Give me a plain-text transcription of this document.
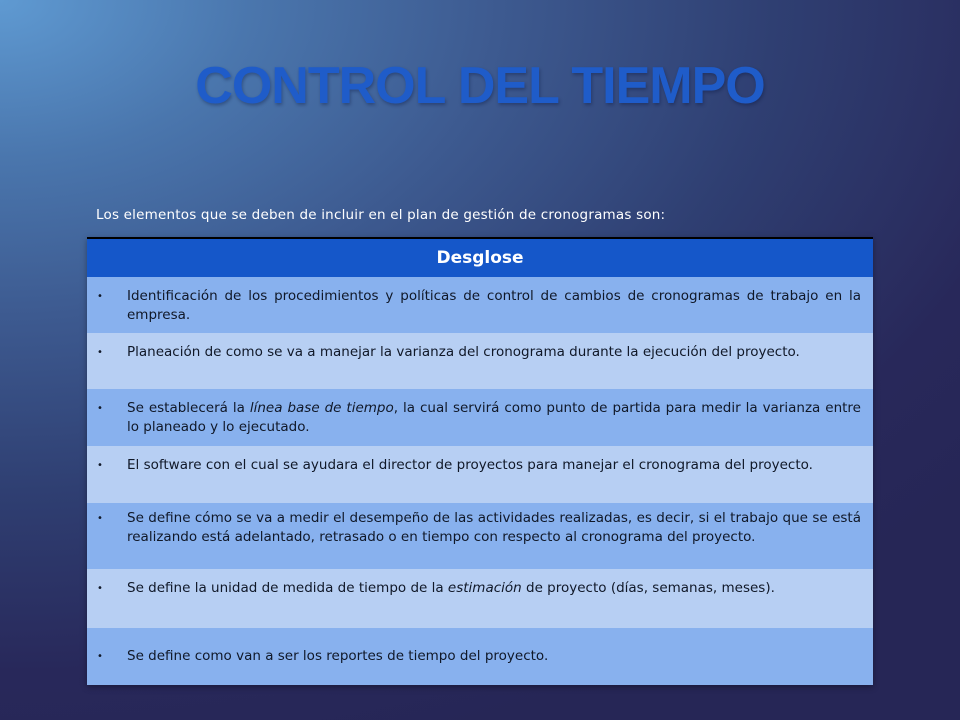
CONTROL DEL TIEMPO
Los elementos que se deben de incluir en el plan de gestión de cronogramas son:
Desglose
•	Identificación de los procedimientos y políticas de control de cambios de cronogramas de trabajo en la empresa.
•	Planeación de como se va a manejar la varianza del cronograma durante la ejecución del proyecto.
•	Se establecerá la línea base de tiempo, la cual servirá como punto de partida para medir la varianza entre lo planeado y lo ejecutado.
•	El software con el cual se ayudara el director de proyectos para manejar el cronograma del proyecto.
•	Se define cómo se va a medir el desempeño de las actividades realizadas, es decir, si el trabajo que se está realizando está adelantado, retrasado o en tiempo con respecto al cronograma del proyecto.
•	Se define la unidad de medida de tiempo de la estimación de proyecto (días, semanas, meses).
•	Se define como van a ser los reportes de tiempo del proyecto.
